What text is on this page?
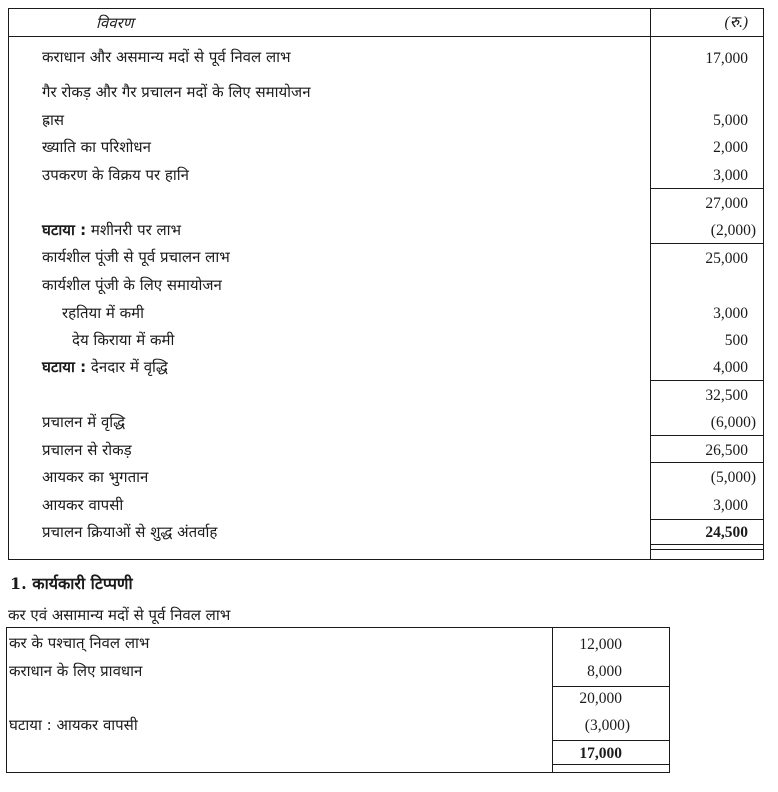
विवरण	(रु.)
कराधान और असमान्य मदों से पूर्व निवल लाभ
गैर रोकड़ और गैर प्रचालन मदों के लिए समायोजन
ह्रास
ख्याति का परिशोधन
उपकरण के विक्रय पर हानि
घटाया : मशीनरी पर लाभ
कार्यशील पूंजी से पूर्व प्रचालन लाभ
कार्यशील पूंजी के लिए समायोजन
रहतिया में कमी
देय किराया में कमी
घटाया : देनदार में वृद्धि
प्रचालन में वृद्धि
प्रचालन से रोकड़
आयकर का भुगतान
आयकर वापसी
प्रचालन क्रियाओं से शुद्ध अंतर्वाह
17,000
5,000
2,000
3,000
27,000
(2,000)
25,000
3,000
500
4,000
32,500
(6,000)
26,500
(5,000)
3,000
24,500
1. कार्यकारी टिप्पणी
कर एवं असामान्य मदों से पूर्व निवल लाभ
कर के पश्चात् निवल लाभ
कराधान के लिए प्रावधान
घटाया : आयकर वापसी
12,000
8,000
20,000
(3,000)
17,000
